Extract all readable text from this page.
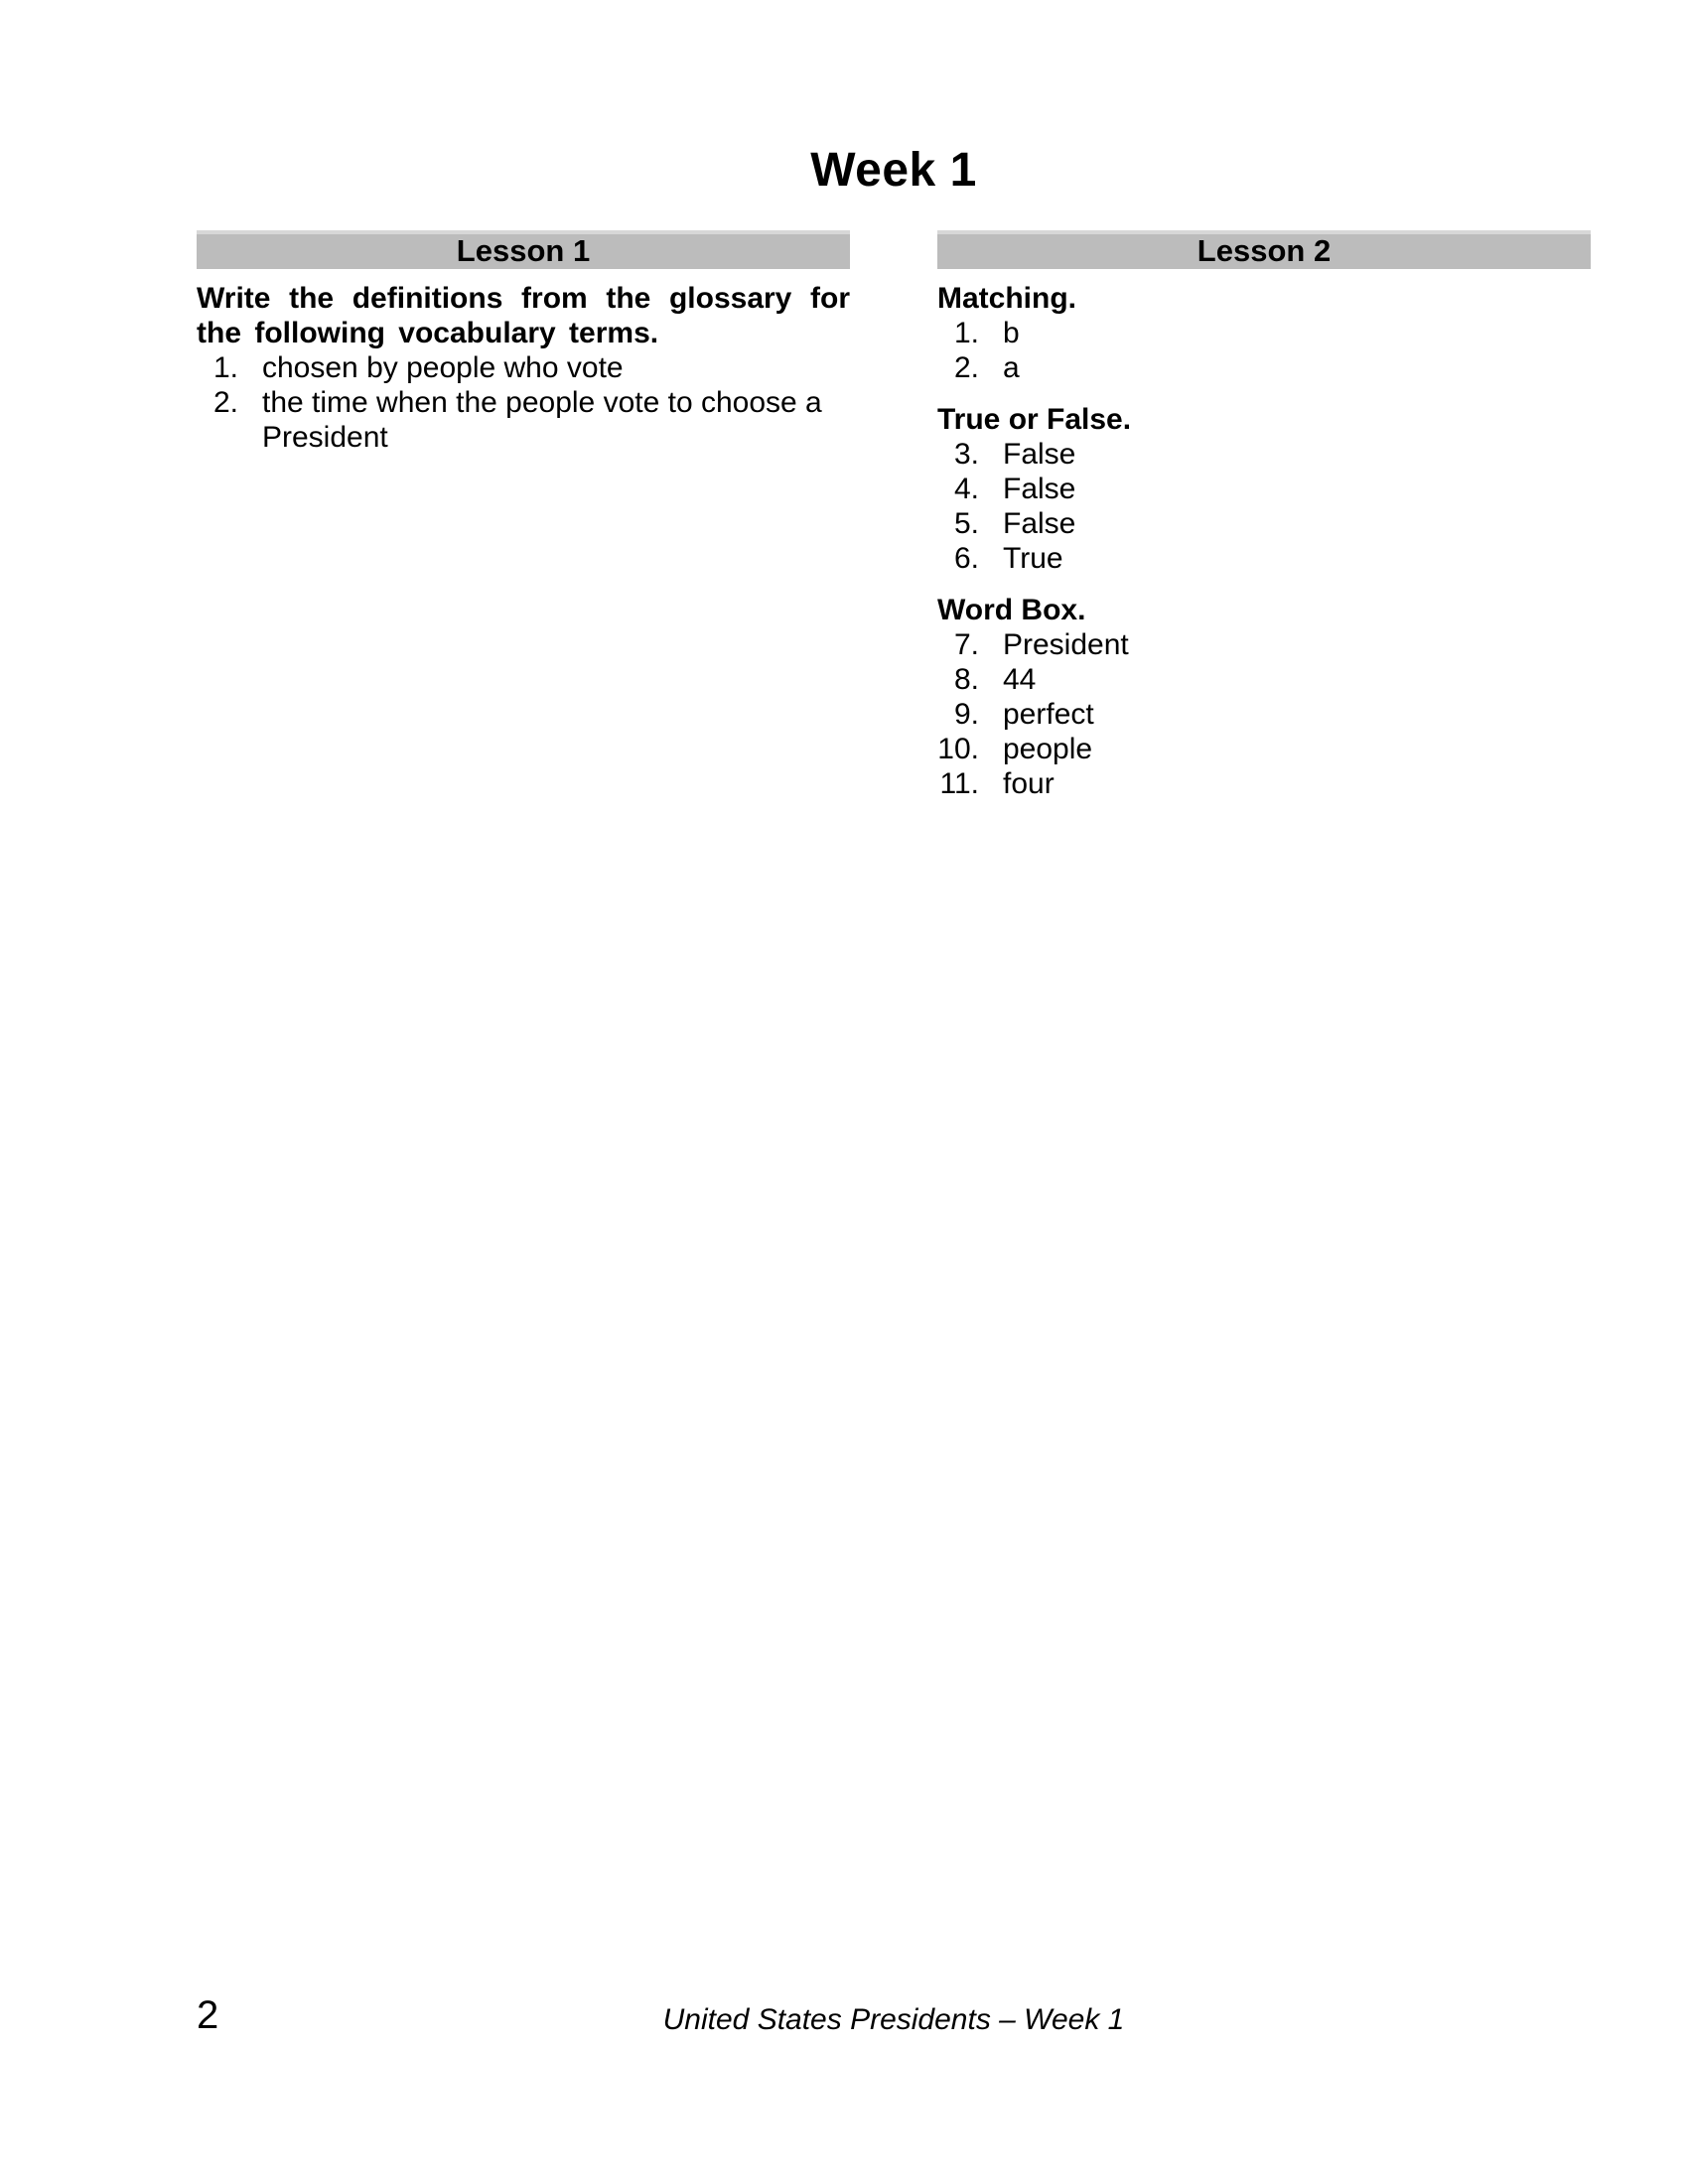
Week 1
Lesson 1

Write the definitions from the glossary for the following vocabulary terms.

1. chosen by people who vote
2. the time when the people vote to choose a President
Lesson 2
Matching.
1. b
2. a
True or False.
3. False
4. False
5. False
6. True
Word Box.
7. President
8. 44
9. perfect
10. people
11. four
2	United States Presidents – Week 1
